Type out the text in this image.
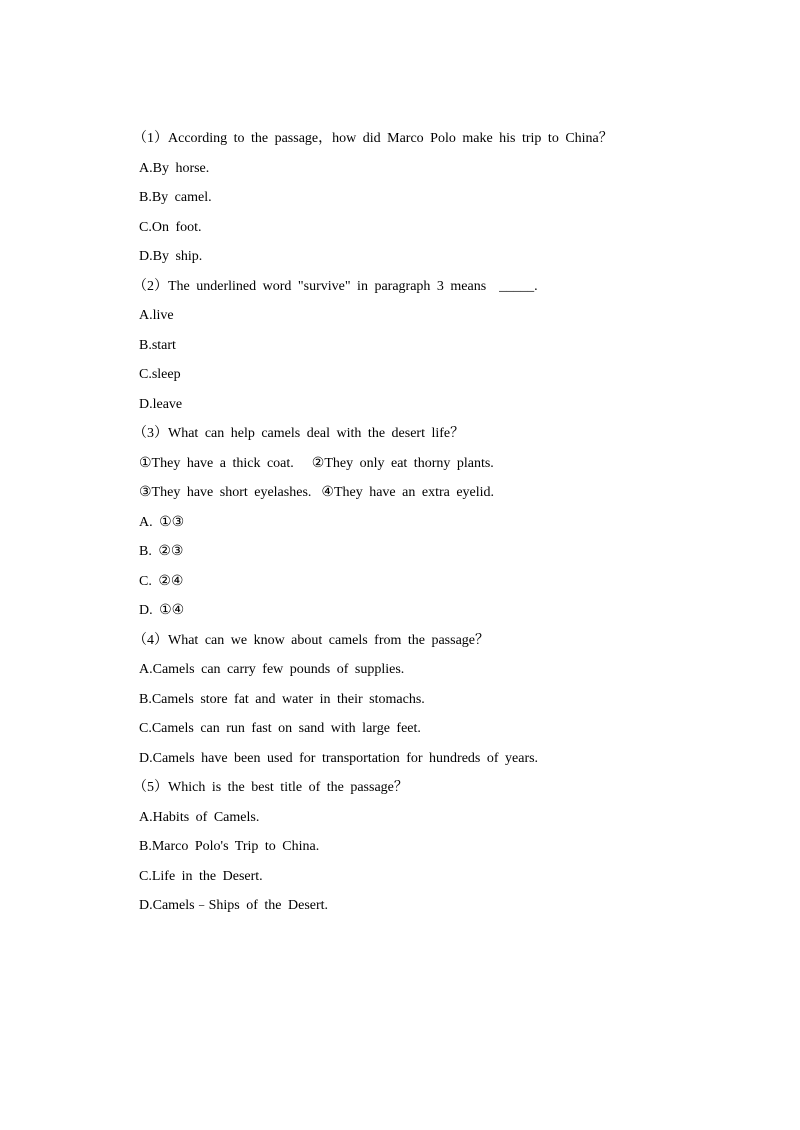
（1）According to the passage，how did Marco Polo make his trip to China？
A.By horse.
B.By camel.
C.On foot.
D.By ship.
（2）The underlined word "survive" in paragraph 3 means  _____.
A.live
B.start
C.sleep
D.leave
（3）What can help camels deal with the desert life？
①They have a thick coat. ②They only eat thorny plants.
③They have short eyelashes. ④They have an extra eyelid.
A. ①③
B. ②③
C. ②④
D. ①④
（4）What can we know about camels from the passage？
A.Camels can carry few pounds of supplies.
B.Camels store fat and water in their stomachs.
C.Camels can run fast on sand with large feet.
D.Camels have been used for transportation for hundreds of years.
（5）Which is the best title of the passage？
A.Habits of Camels.
B.Marco Polo's Trip to China.
C.Life in the Desert.
D.Camels﹣Ships of the Desert.
